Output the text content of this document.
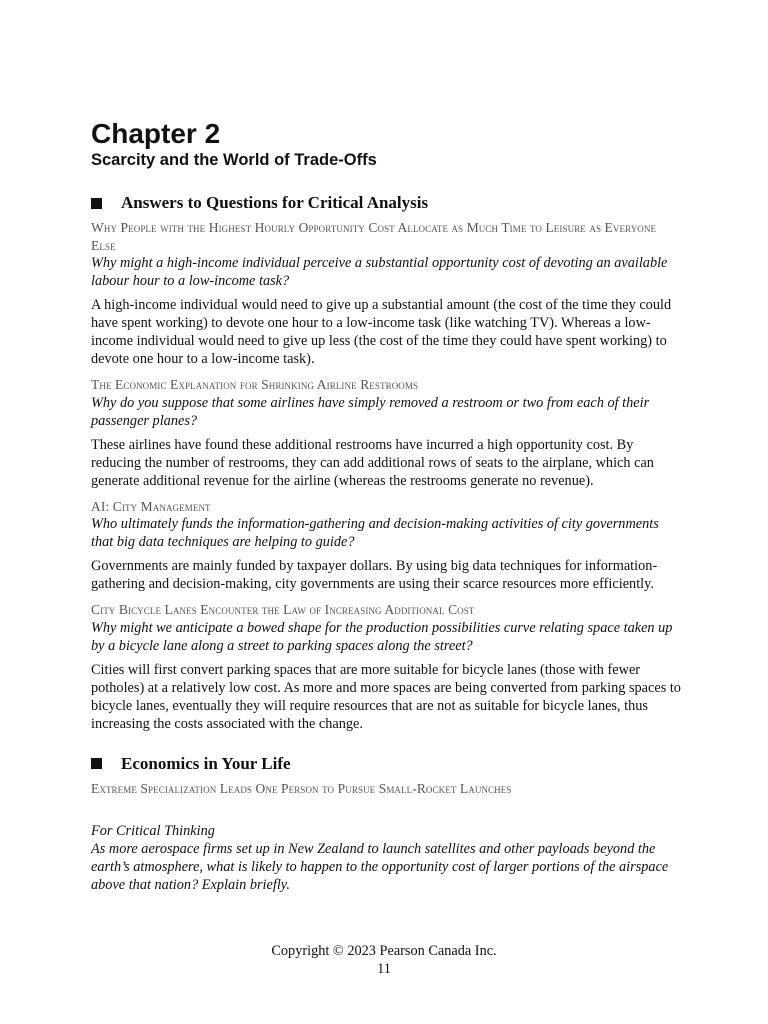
Chapter 2
Scarcity and the World of Trade-Offs
Answers to Questions for Critical Analysis

Why People with the Highest Hourly Opportunity Cost Allocate as Much Time to Leisure as Everyone Else

Why might a high-income individual perceive a substantial opportunity cost of devoting an available labour hour to a low-income task?

A high-income individual would need to give up a substantial amount (the cost of the time they could have spent working) to devote one hour to a low-income task (like watching TV). Whereas a low-income individual would need to give up less (the cost of the time they could have spent working) to devote one hour to a low-income task).

The Economic Explanation for Shrinking Airline Restrooms

Why do you suppose that some airlines have simply removed a restroom or two from each of their passenger planes?

These airlines have found these additional restrooms have incurred a high opportunity cost. By reducing the number of restrooms, they can add additional rows of seats to the airplane, which can generate additional revenue for the airline (whereas the restrooms generate no revenue).

AI: City Management

Who ultimately funds the information-gathering and decision-making activities of city governments that big data techniques are helping to guide?

Governments are mainly funded by taxpayer dollars. By using big data techniques for information-gathering and decision-making, city governments are using their scarce resources more efficiently.

City Bicycle Lanes Encounter the Law of Increasing Additional Cost

Why might we anticipate a bowed shape for the production possibilities curve relating space taken up by a bicycle lane along a street to parking spaces along the street?

Cities will first convert parking spaces that are more suitable for bicycle lanes (those with fewer potholes) at a relatively low cost. As more and more spaces are being converted from parking spaces to bicycle lanes, eventually they will require resources that are not as suitable for bicycle lanes, thus increasing the costs associated with the change.

Economics in Your Life

Extreme Specialization Leads One Person to Pursue Small-Rocket Launches

For Critical Thinking

As more aerospace firms set up in New Zealand to launch satellites and other payloads beyond the earth’s atmosphere, what is likely to happen to the opportunity cost of larger portions of the airspace above that nation? Explain briefly.

Copyright © 2023 Pearson Canada Inc.
11
